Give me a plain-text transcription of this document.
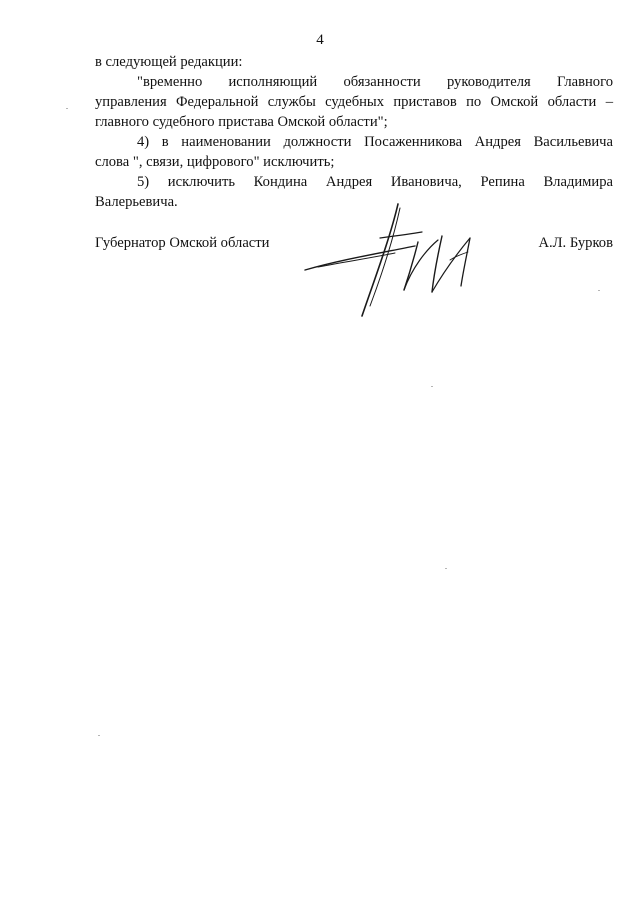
4

в следующей редакции:

"временно исполняющий обязанности руководителя Главного
управления Федеральной службы судебных приставов по Омской области –
главного судебного пристава Омской области";

4) в наименовании должности Посаженникова Андрея Васильевича
слова ", связи, цифрового" исключить;

5) исключить Кондина Андрея Ивановича, Репина Владимира
Валерьевича.

Губернатор Омской области	А.Л. Бурков
